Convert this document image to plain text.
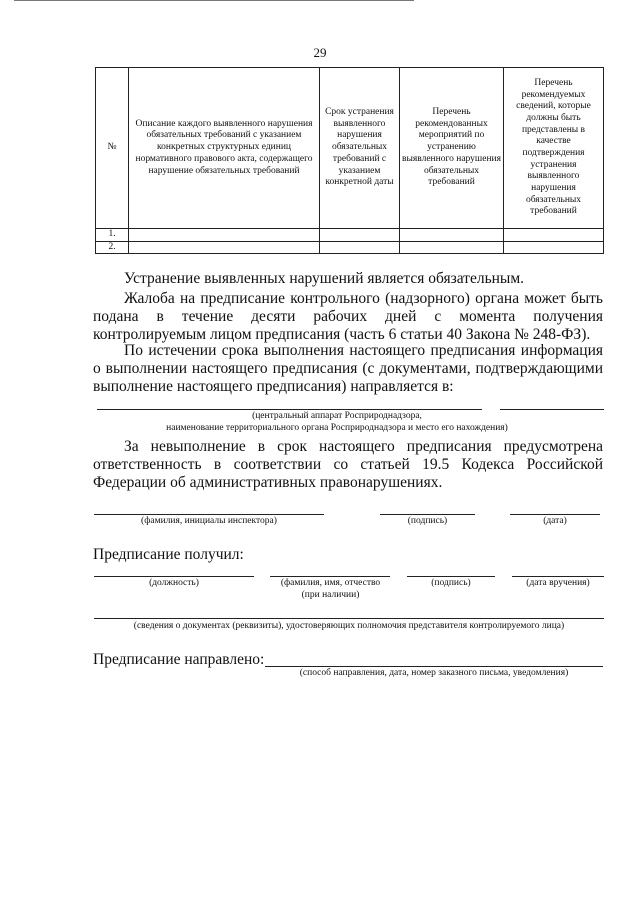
29
№	Описание каждого выявленного нарушения обязательных требований с указанием конкретных структурных единиц нормативного правового акта, содержащего нарушение обязательных требований	Срок устранения выявленного нарушения обязательных требований с указанием конкретной даты	Перечень рекомендованных мероприятий по устранению выявленного нарушения обязательных требований	Перечень рекомендуемых сведений, которые должны быть представлены в качестве подтверждения устранения выявленного нарушения обязательных требований
1.				
2.				

Устранение выявленных нарушений является обязательным.

Жалоба на предписание контрольного (надзорного) органа может быть подана в течение десяти рабочих дней с момента получения контролируемым лицом предписания (часть 6 статьи 40 Закона № 248-ФЗ).

По истечении срока выполнения настоящего предписания информация о выполнении настоящего предписания (с документами, подтверждающими выполнение настоящего предписания) направляется в:

(центральный аппарат Росприроднадзора,
наименование территориального органа Росприроднадзора и место его нахождения)

За невыполнение в срок настоящего предписания предусмотрена ответственность в соответствии со статьей 19.5 Кодекса Российской Федерации об административных правонарушениях.

(фамилия, инициалы инспектора)	(подпись)	(дата)
Предписание получил:
(должность)	(фамилия, имя, отчество
(при наличии)
(подпись)	(дата вручения)
(сведения о документах (реквизиты), удостоверяющих полномочия представителя контролируемого лица)
Предписание направлено:
(способ направления, дата, номер заказного письма, уведомления)
